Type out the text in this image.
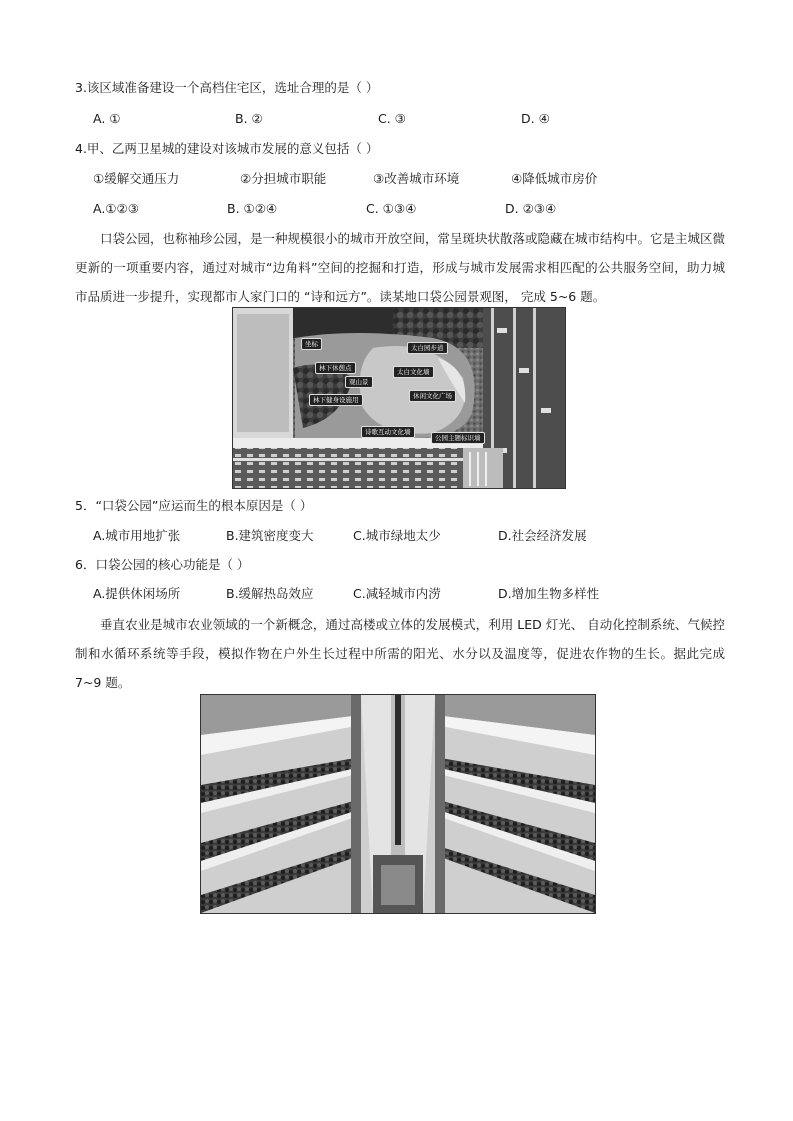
3.该区域准备建设一个高档住宅区，选址合理的是（ ）
A. ①	B. ②	C. ③	D. ④
4.甲、乙两卫星城的建设对该城市发展的意义包括（ ）
①缓解交通压力	②分担城市职能	③改善城市环境	④降低城市房价
A.①②③	B. ①②④	C. ①③④	D. ②③④
口袋公园，也称袖珍公园，是一种规模很小的城市开放空间，常呈斑块状散落或隐藏在城市结构中。它是主城区微更新的一项重要内容，通过对城市“边角料”空间的挖掘和打造，形成与城市发展需求相匹配的公共服务空间，助力城市品质进一步提升，实现都市人家门口的 “诗和远方”。读某地口袋公园景观图， 完成 5~6 题。
坐标
林下休憩点
观山景
林下健身设施用
太白园步道
太白文化墙
休闲文化广场
诗歌互动文化墙
公园主题标识墙
5．“口袋公园”应运而生的根本原因是（ ）
A.城市用地扩张	B.建筑密度变大	C.城市绿地太少	D.社会经济发展
6．口袋公园的核心功能是（ ）
A.提供休闲场所	B.缓解热岛效应	C.减轻城市内涝	D.增加生物多样性
垂直农业是城市农业领域的一个新概念，通过高楼或立体的发展模式，利用 LED 灯光、 自动化控制系统、气候控制和水循环系统等手段，模拟作物在户外生长过程中所需的阳光、水分以及温度等，促进农作物的生长。据此完成 7~9 题。
